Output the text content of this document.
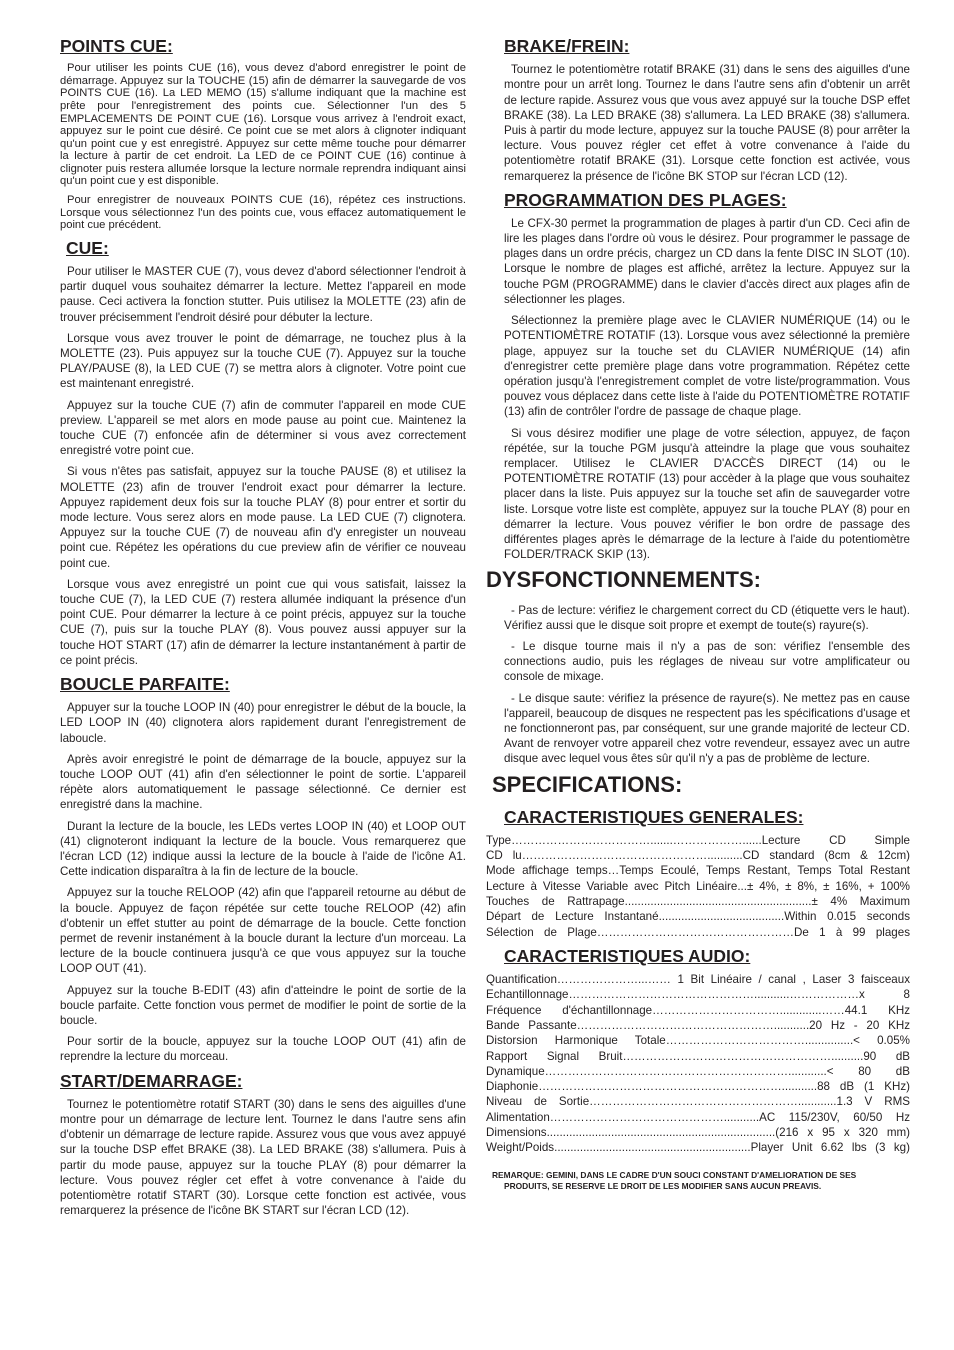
POINTS CUE:

Pour utiliser les points CUE (16), vous devez d'abord enregistrer le point de démarrage. Appuyez sur la TOUCHE (15) afin de démarrer la sauvegarde de vos POINTS CUE (16). La LED MEMO (15) s'allume indiquant que la machine est prête pour l'enregistrement des points cue. Sélectionner l'un des 5 EMPLACEMENTS DE POINT CUE (16). Lorsque vous arrivez à l'endroit exact, appuyez sur le point cue désiré. Ce point cue se met alors à clignoter indiquant qu'un point cue y est enregistré. Appuyez sur cette même touche pour démarrer la lecture à partir de cet endroit. La LED de ce POINT CUE (16) continue à clignoter puis restera allumée lorsque la lecture normale reprendra indiquant ainsi qu'un point cue y est disponible.

Pour enregistrer de nouveaux POINTS CUE (16), répétez ces instructions. Lorsque vous sélectionnez l'un des points cue, vous effacez automatiquement le point cue précédent.

CUE:

Pour utiliser le MASTER CUE (7), vous devez d'abord sélectionner l'endroit à partir duquel vous souhaitez démarrer la lecture. Mettez l'appareil en mode pause. Ceci activera la fonction stutter. Puis utilisez la MOLETTE (23) afin de trouver précisemment l'endroit désiré pour débuter la lecture.

Lorsque vous avez trouver le point de démarrage, ne touchez plus à la MOLETTE (23). Puis appuyez sur la touche CUE (7). Appuyez sur la touche PLAY/PAUSE (8), la LED CUE (7) se mettra alors à clignoter. Votre point cue est maintenant enregistré.

Appuyez sur la touche CUE (7) afin de commuter l'appareil en mode CUE preview. L'appareil se met alors en mode pause au point cue. Maintenez la touche CUE (7) enfoncée afin de déterminer si vous avez correctement enregistré votre point cue.

Si vous n'êtes pas satisfait, appuyez sur la touche PAUSE (8) et utilisez la MOLETTE (23) afin de trouver l'endroit exact pour démarrer la lecture. Appuyez rapidement deux fois sur la touche PLAY (8) pour entrer et sortir du mode lecture. Vous serez alors en mode pause. La LED CUE (7) clignotera. Appuyez sur la touche CUE (7) de nouveau afin d'y enregister un nouveau point cue. Répétez les opérations du cue preview afin de vérifier ce nouveau point cue.

Lorsque vous avez enregistré un point cue qui vous satisfait, laissez la touche CUE (7), la LED CUE (7) restera allumée indiquant la présence d'un point CUE. Pour démarrer la lecture à ce point précis, appuyez sur la touche CUE (7), puis sur la touche PLAY (8). Vous pouvez aussi appuyer sur la touche HOT START (17) afin de démarrer la lecture instantanément à partir de ce point précis.

BOUCLE PARFAITE:

Appuyer sur la touche LOOP IN (40) pour enregistrer le début de la boucle, la LED LOOP IN (40) clignotera alors rapidement durant l'enregistrement de laboucle.

Après avoir enregistré le point de démarrage de la boucle, appuyez sur la touche LOOP OUT (41) afin d'en sélectionner le point de sortie. L'appareil répète alors automatiquement le passage sélectionné. Ce dernier est enregistré dans la machine.

Durant la lecture de la boucle, les LEDs vertes LOOP IN (40) et LOOP OUT (41) clignoteront indiquant la lecture de la boucle. Vous remarquerez que l'écran LCD (12) indique aussi la lecture de la boucle à l'aide de l'icône A1. Cette indication disparaîtra à la fin de lecture de la boucle.

Appuyez sur la touche RELOOP (42) afin que l'appareil retourne au début de la boucle. Appuyez de façon répétée sur cette touche RELOOP (42) afin d'obtenir un effet stutter au point de démarrage de la boucle. Cette fonction permet de revenir instanément à la boucle durant la lecture d'un morceau. La lecture de la boucle continuera jusqu'à ce que vous appuyez sur la touche LOOP OUT (41).

Appuyez sur la touche B-EDIT (43) afin d'atteindre le point de sortie de la boucle parfaite. Cette fonction vous permet de modifier le point de sortie de la boucle.

Pour sortir de la boucle, appuyez sur la touche LOOP OUT (41) afin de reprendre la lecture du morceau.

START/DEMARRAGE:

Tournez le potentiomètre rotatif START (30) dans le sens des aiguilles d'une montre pour un démarrage de lecture lent. Tournez le dans l'autre sens afin d'obtenir un démarrage de lecture rapide. Assurez vous que vous avez appuyé sur la touche DSP effet BRAKE (38). La LED BRAKE (38) s'allumera. Puis à partir du mode pause, appuyez sur la touche PLAY (8) pour démarrer la lecture. Vous pouvez régler cet effet à votre convenance à l'aide du potentiomètre rotatif START (30). Lorsque cette fonction est activée, vous remarquerez la présence de l'icône BK START sur l'écran LCD (12).

BRAKE/FREIN:

Tournez le potentiomètre rotatif BRAKE (31) dans le sens des aiguilles d'une montre pour un arrêt long. Tournez le dans l'autre sens afin d'obtenir un arrêt de lecture rapide. Assurez vous que vous avez appuyé sur la touche DSP effet BRAKE (38). La LED BRAKE (38) s'allumera. La LED BRAKE (38) s'allumera. Puis à partir du mode lecture, appuyez sur la touche PAUSE (8) pour arrêter la lecture. Vous pouvez régler cet effet à votre convenance à l'aide du potentiomètre rotatif BRAKE (31). Lorsque cette fonction est activée, vous remarquerez la présence de l'icône BK STOP sur l'écran LCD (12).

PROGRAMMATION DES PLAGES:

Le CFX-30 permet la programmation de plages à partir d'un CD. Ceci afin de lire les plages dans l'ordre où vous le désirez. Pour programmer le passage de plages dans un ordre précis, chargez un CD dans la fente DISC IN SLOT (10). Lorsque le nombre de plages est affiché, arrêtez la lecture. Appuyez sur la touche PGM (PROGRAMME) dans le clavier d'accès direct aux plages afin de sélectionner les plages.

Sélectionnez la première plage avec le CLAVIER NUMÉRIQUE (14) ou le POTENTIOMÈTRE ROTATIF (13). Lorsque vous avez sélectionné la première plage, appuyez sur la touche set du CLAVIER NUMÉRIQUE (14) afin d'enregistrer cette première plage dans votre programmation. Répétez cette opération jusqu'à l'enregistrement complet de votre liste/programmation. Vous pouvez vous déplacez dans cette liste à l'aide du POTENTIOMÈTRE ROTATIF (13) afin de contrôler l'ordre de passage de chaque plage.

Si vous désirez modifier une plage de votre sélection, appuyez, de façon répétée, sur la touche PGM jusqu'à atteindre la plage que vous souhaitez remplacer. Utilisez le CLAVIER D'ACCÈS DIRECT (14) ou le POTENTIOMÈTRE ROTATIF (13) pour accèder à la plage que vous souhaitez placer dans la liste. Puis appuyez sur la touche set afin de sauvegarder votre liste. Lorsque votre liste est complète, appuyez sur la touche PLAY (8) pour en démarrer la lecture. Vous pouvez vérifier le bon ordre de passage des différentes plages après le démarrage de la lecture à l'aide du potentiomètre FOLDER/TRACK SKIP (13).

DYSFONCTIONNEMENTS:

- Pas de lecture: vérifiez le chargement correct du CD (étiquette vers le haut). Vérifiez aussi que le disque soit propre et exempt de toute(s) rayure(s).

- Le disque tourne mais il n'y a pas de son: vérifiez l'ensemble des connections audio, puis les réglages de niveau sur votre amplificateur ou console de mixage.

- Le disque saute: vérifiez la présence de rayure(s). Ne mettez pas en cause l'appareil, beaucoup de disques ne respectent pas les spécifications d'usage et ne fonctionneront pas, par conséquent, sur une grande majorité de lecteur CD. Avant de renvoyer votre appareil chez votre revendeur, essayez avec un autre disque avec lequel vous êtes sûr qu'il n'y a pas de problème de lecture.

SPECIFICATIONS:
CARACTERISTIQUES GENERALES:
Type……………………………….......………………......Lecture CD Simple
CD lu…………………………………………...........CD standard (8cm & 12cm)
Mode affichage temps…Temps Ecoulé, Temps Restant, Temps Total Restant
Lecture à Vitesse Variable avec Pitch Linéaire...± 4%, ± 8%, ± 16%, + 100%
Touches de Rattrapage..........................................................± 4% Maximum
Départ de Lecture Instantané.......................................Within 0.015 seconds
Sélection de Plage……………………………………………De 1 à 99 plages
CARACTERISTIQUES AUDIO:
Quantification…………………...…… 1 Bit Linéaire / canal , Laser 3 faisceaux
Echantillonnage…………………………………………...........………………x 8
Fréquence d'échantillonnage…………………………….............……44.1 KHz
Bande Passante……………………………………………...........20 Hz - 20 KHz
Distorsion Harmonique Totale………………………………...............< 0.05%
Rapport Signal Bruit………………………………………………..........90 dB
Dynamique………………………………………………………............< 80 dB
Diaphonie………………………………………………………...........88 dB (1 KHz)
Niveau de Sortie………………………………………………............1.3 V RMS
Alimentation………………………………………...........AC 115/230V, 60/50 Hz
Dimensions.......................................................................(216 x 95 x 320 mm)
Weight/Poids.............................................................Player Unit 6.62 lbs (3 kg)

REMARQUE: GEMINI, DANS LE CADRE D'UN SOUCI CONSTANT D'AMELIORATION DE SES
PRODUITS, SE RESERVE LE DROIT DE LES MODIFIER SANS AUCUN PREAVIS.
